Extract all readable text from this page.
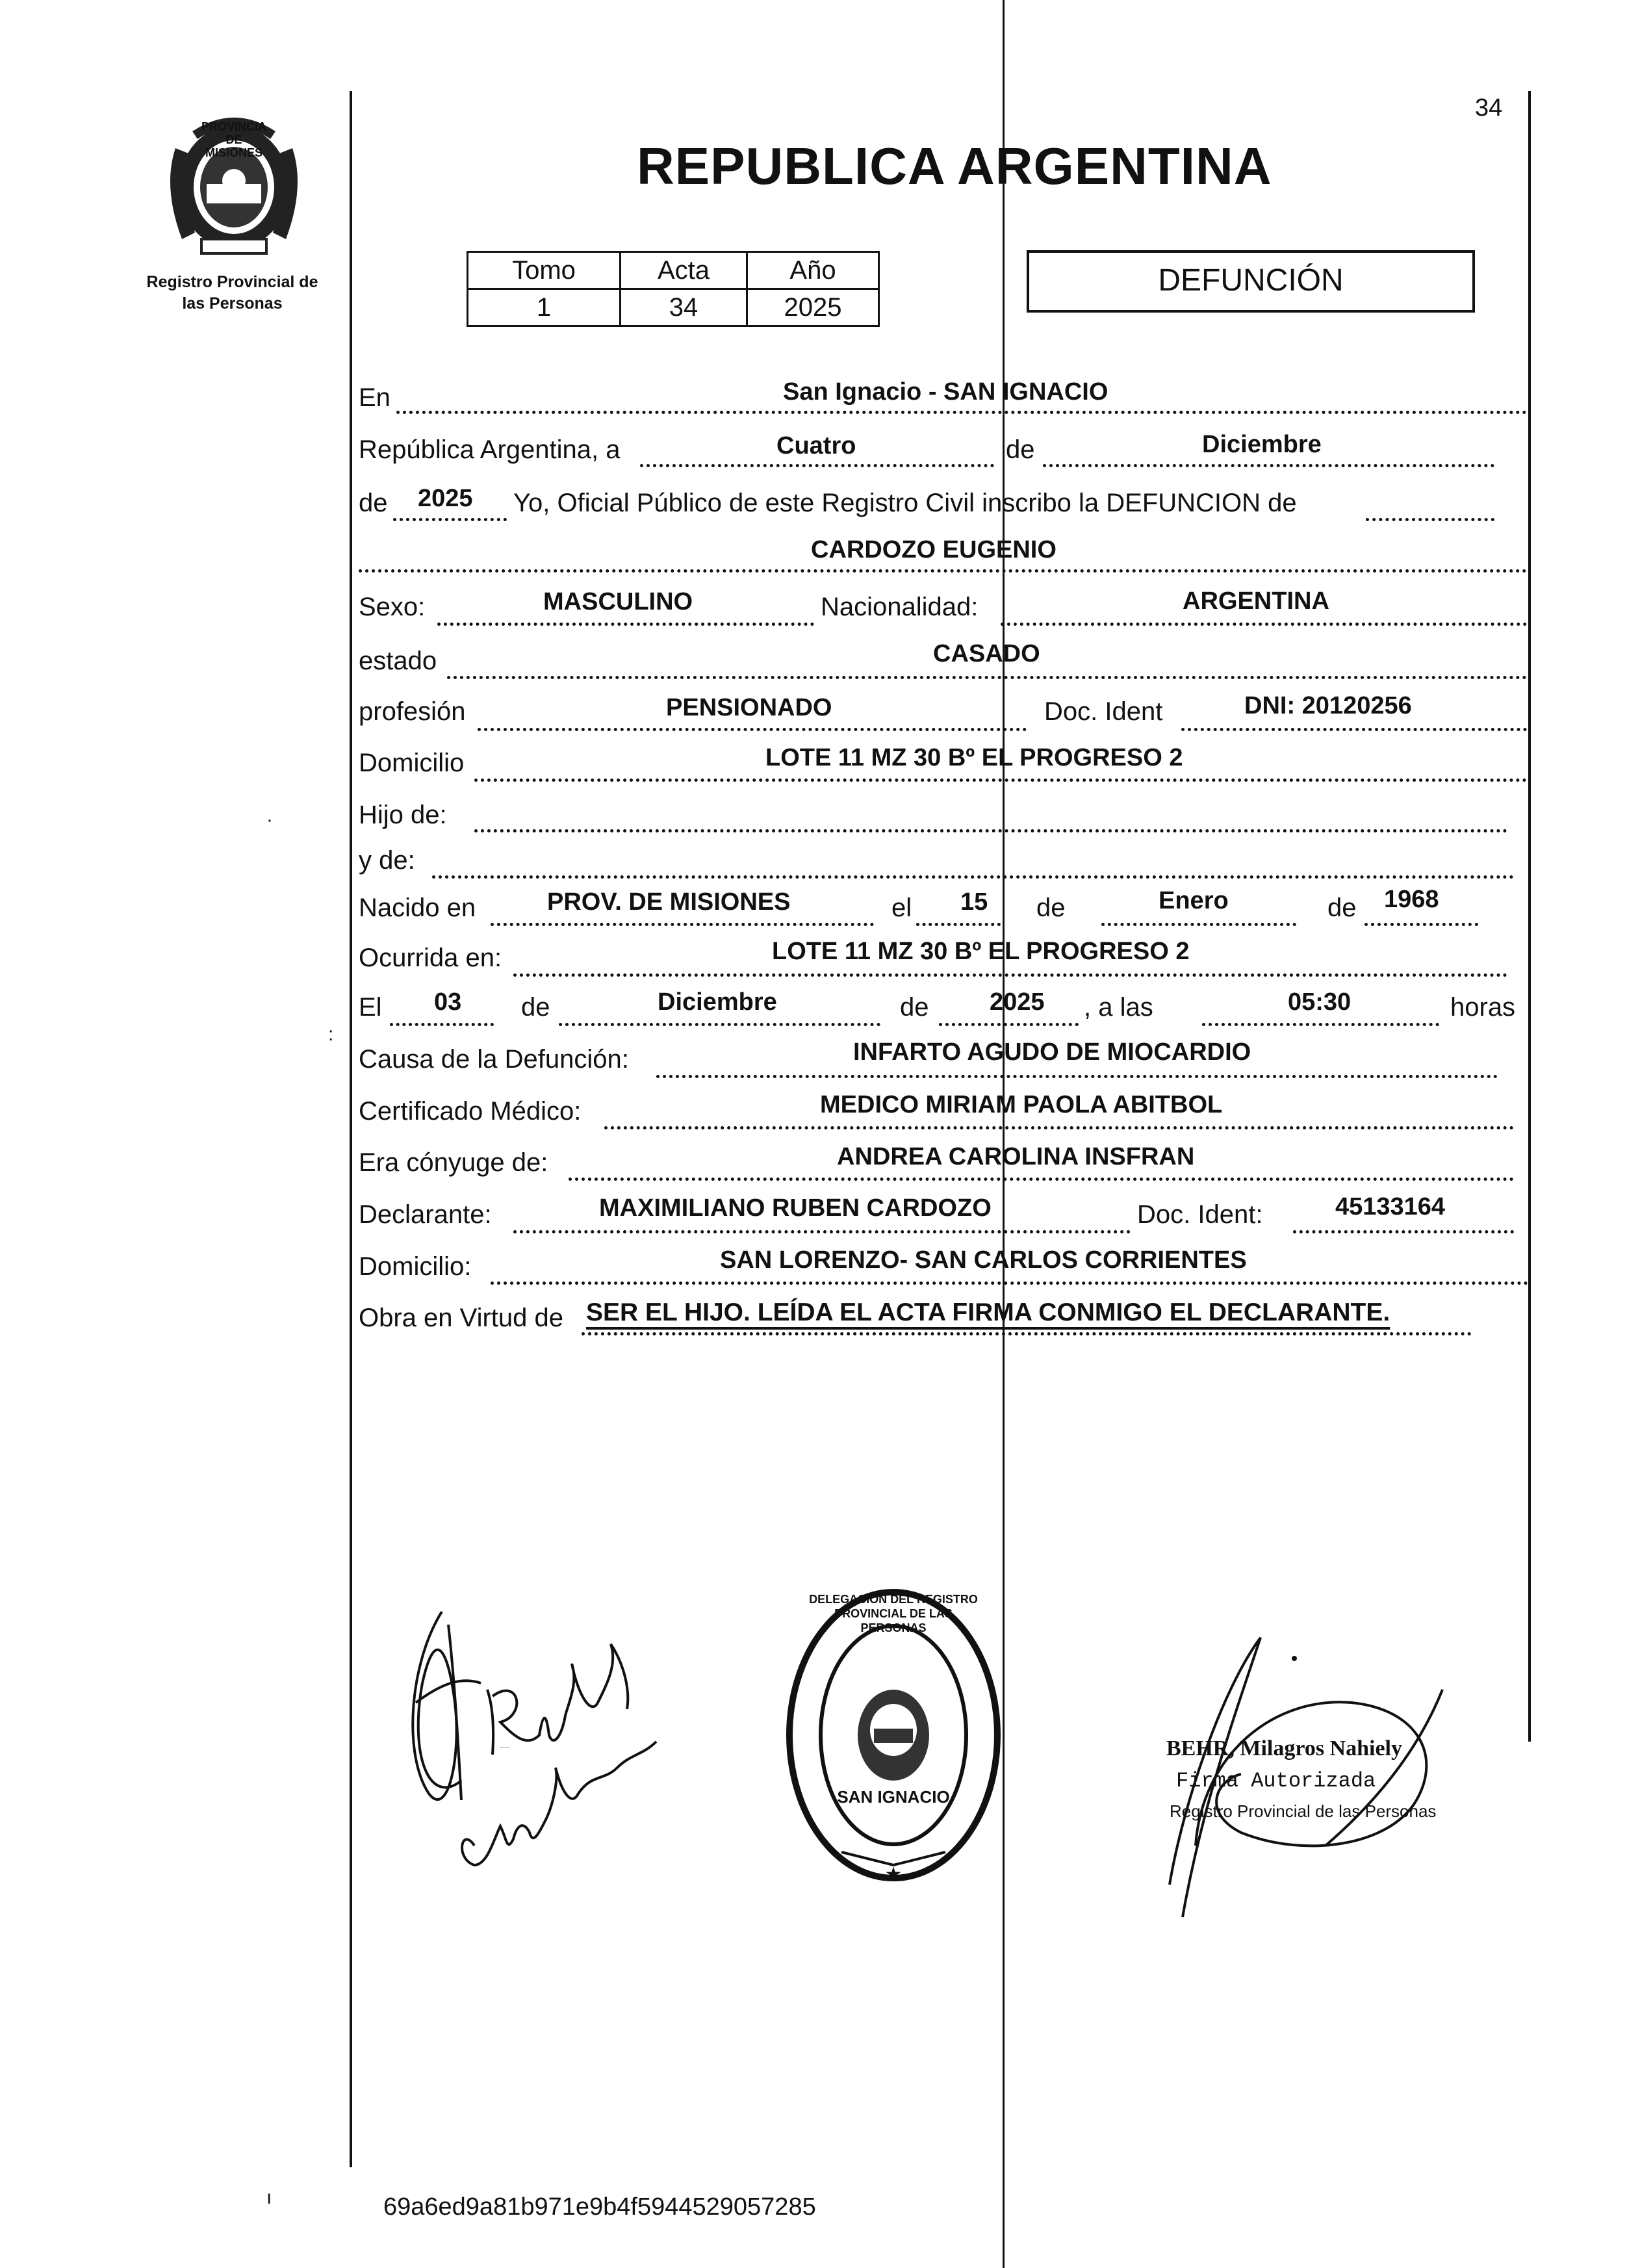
34
PROVINCIA DE MISIONES
Registro Provincial de
las Personas
REPUBLICA ARGENTINA
Tomo	Acta	Año
1	34	2025
DEFUNCIÓN
En	San Ignacio - SAN IGNACIO
República Argentina, a	Cuatro	de	Diciembre
de 2025 Yo, Oficial Público de este Registro Civil inscribo la DEFUNCION de
CARDOZO EUGENIO
Sexo:	MASCULINO	Nacionalidad:	ARGENTINA
estado	CASADO
profesión	PENSIONADO	Doc. Ident	DNI: 20120256
Domicilio	LOTE 11 MZ 30 Bº EL PROGRESO 2
Hijo de:
y de:
Nacido en	PROV. DE MISIONES	el 15 de	Enero	de 1968
Ocurrida en:	LOTE 11 MZ 30 Bº EL PROGRESO 2
El 03 de	Diciembre	de 2025 , a las	05:30	horas
Causa de la Defunción:	INFARTO AGUDO DE MIOCARDIO
Certificado Médico:	MEDICO MIRIAM PAOLA ABITBOL
Era cónyuge de:	ANDREA CAROLINA INSFRAN
Declarante:	MAXIMILIANO RUBEN CARDOZO	Doc. Ident:	45133164
Domicilio:	SAN LORENZO- SAN CARLOS CORRIENTES
Obra en Virtud de SER EL HIJO. LEÍDA EL ACTA FIRMA CONMIGO EL DECLARANTE.
Ruben Cardozo
★
DELEGACION DEL REGISTRO PROVINCIAL DE LAS PERSONAS
SAN IGNACIO
BEHR, Milagros Nahiely
Firma Autorizada
Registro Provincial de las Personas
·
:
ı	69a6ed9a81b971e9b4f5944529057285
